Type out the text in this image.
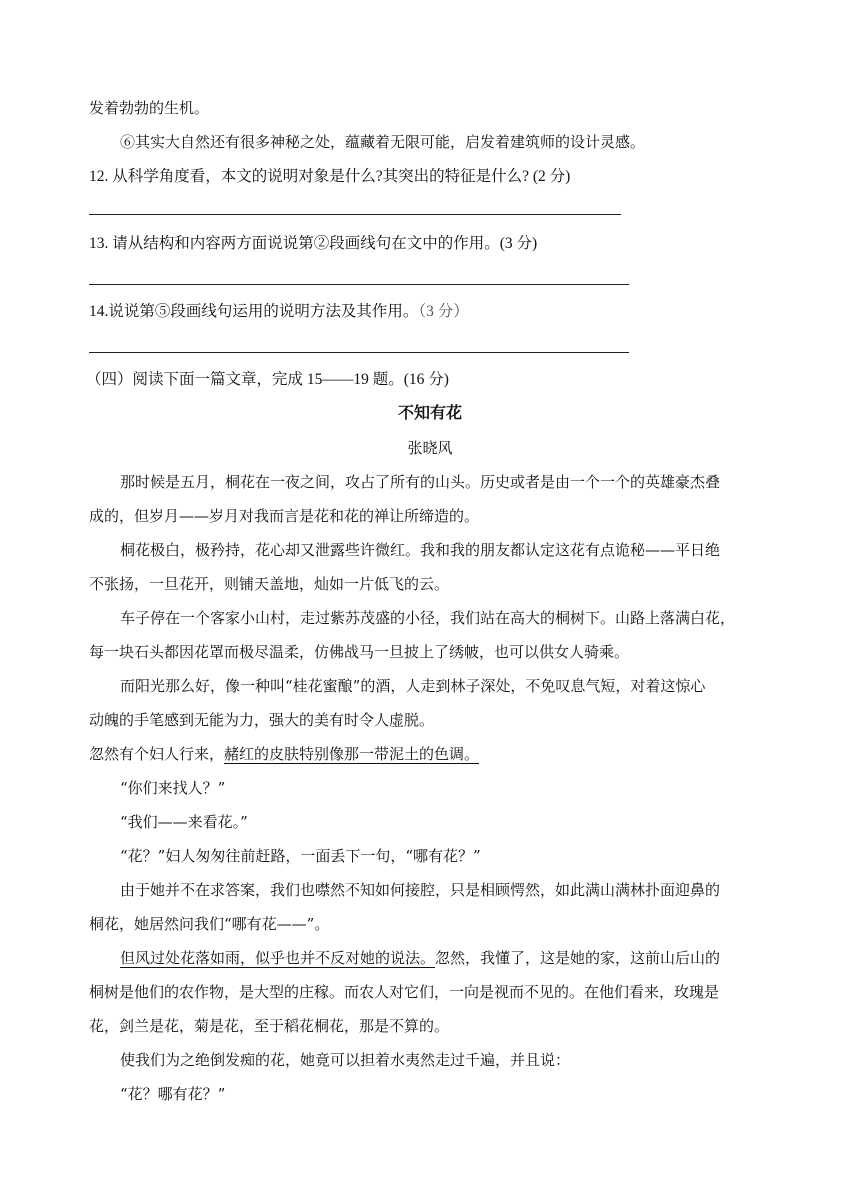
发着勃勃的生机。
⑥其实大自然还有很多神秘之处，蕴藏着无限可能，启发着建筑师的设计灵感。
12. 从科学角度看，本文的说明对象是什么?其突出的特征是什么? (2 分)
13. 请从结构和内容两方面说说第②段画线句在文中的作用。(3 分)
14.说说第⑤段画线句运用的说明方法及其作用。（3 分）
（四）阅读下面一篇文章，完成 15——19 题。(16 分)
不知有花
张晓风
那时候是五月，桐花在一夜之间，攻占了所有的山头。历史或者是由一个一个的英雄豪杰叠
成的，但岁月——岁月对我而言是花和花的禅让所缔造的。
桐花极白，极矜持，花心却又泄露些许微红。我和我的朋友都认定这花有点诡秘——平日绝
不张扬，一旦花开，则铺天盖地，灿如一片低飞的云。
车子停在一个客家小山村，走过紫苏茂盛的小径，我们站在高大的桐树下。山路上落满白花，
每一块石头都因花罩而极尽温柔，仿佛战马一旦披上了绣帔，也可以供女人骑乘。
而阳光那么好，像一种叫“桂花蜜酿”的酒，人走到林子深处，不免叹息气短，对着这惊心
动魄的手笔感到无能为力，强大的美有时令人虚脱。
忽然有个妇人行来，赭红的皮肤特别像那一带泥土的色调。
“你们来找人？”
“我们——来看花。”
“花？”妇人匆匆往前赶路，一面丢下一句，“哪有花？”
由于她并不在求答案，我们也噤然不知如何接腔，只是相顾愕然，如此满山满林扑面迎鼻的
桐花，她居然问我们“哪有花——”。
但风过处花落如雨，似乎也并不反对她的说法。忽然，我懂了，这是她的家，这前山后山的
桐树是他们的农作物，是大型的庄稼。而农人对它们，一向是视而不见的。在他们看来，玫瑰是
花，剑兰是花，菊是花，至于稻花桐花，那是不算的。
使我们为之绝倒发痴的花，她竟可以担着水夷然走过千遍，并且说：
“花？哪有花？”
